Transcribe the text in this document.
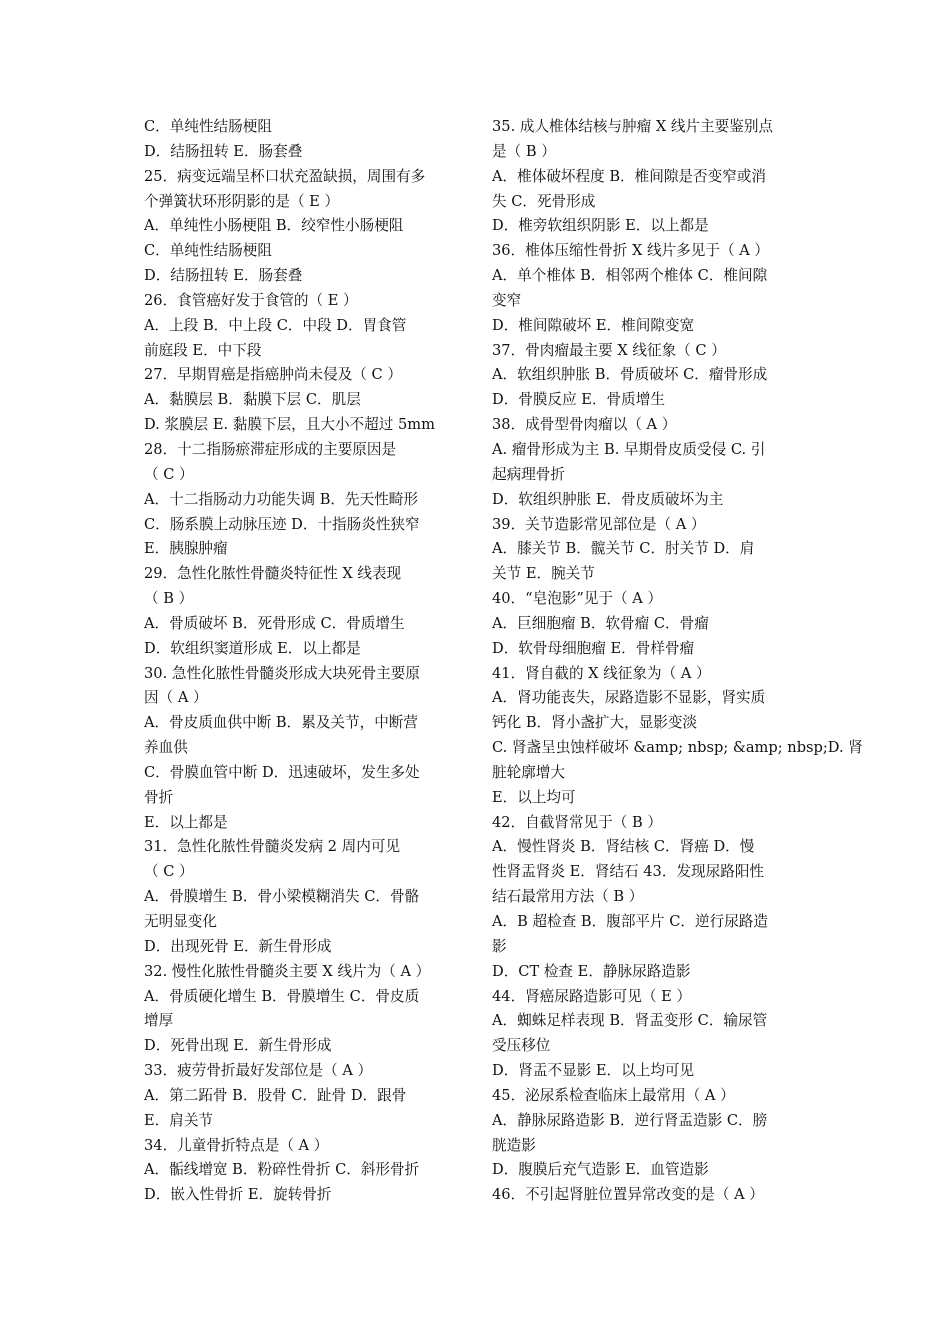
C．单纯性结肠梗阻
D．结肠扭转 E．肠套叠
25．病变远端呈杯口状充盈缺损，周围有多
个弹簧状环形阴影的是（ E ）
A．单纯性小肠梗阻 B．绞窄性小肠梗阻
C．单纯性结肠梗阻
D．结肠扭转 E．肠套叠
26．食管癌好发于食管的（ E ）
A．上段 B．中上段 C．中段 D．胃食管
前庭段 E．中下段
27．早期胃癌是指癌肿尚未侵及（ C ）
A．黏膜层 B．黏膜下层 C．肌层
D. 浆膜层 E. 黏膜下层，且大小不超过 5mm
28．十二指肠瘀滞症形成的主要原因是
（ C ）
A．十二指肠动力功能失调 B．先天性畸形
C．肠系膜上动脉压迹 D．十指肠炎性狭窄
E．胰腺肿瘤
29．急性化脓性骨髓炎特征性 X 线表现
（ B ）
A．骨质破坏 B．死骨形成 C．骨质增生
D．软组织窦道形成 E．以上都是
30. 急性化脓性骨髓炎形成大块死骨主要原
因（ A ）
A．骨皮质血供中断 B．累及关节，中断营
养血供
C．骨膜血管中断 D．迅速破坏，发生多处
骨折
E．以上都是
31．急性化脓性骨髓炎发病 2 周内可见
（ C ）
A．骨膜增生 B．骨小梁模糊消失 C．骨骼
无明显变化
D．出现死骨 E．新生骨形成
32. 慢性化脓性骨髓炎主要 X 线片为（ A ）
A．骨质硬化增生 B．骨膜增生 C．骨皮质
增厚
D．死骨出现 E．新生骨形成
33．疲劳骨折最好发部位是（ A ）
A．第二跖骨 B．股骨 C．趾骨 D．跟骨
E．肩关节
34．儿童骨折特点是（ A ）
A．骺线增宽 B．粉碎性骨折 C．斜形骨折
D．嵌入性骨折 E．旋转骨折
35. 成人椎体结核与肿瘤 X 线片主要鉴别点
是（ B ）
A．椎体破坏程度 B．椎间隙是否变窄或消
失 C．死骨形成
D．椎旁软组织阴影 E．以上都是
36．椎体压缩性骨折 X 线片多见于（ A ）
A．单个椎体 B．相邻两个椎体 C．椎间隙
变窄
D．椎间隙破坏 E．椎间隙变宽
37．骨肉瘤最主要 X 线征象（ C ）
A．软组织肿胀 B．骨质破坏 C．瘤骨形成
D．骨膜反应 E．骨质增生
38．成骨型骨肉瘤以（ A ）
A. 瘤骨形成为主 B. 早期骨皮质受侵 C. 引
起病理骨折
D．软组织肿胀 E．骨皮质破坏为主
39．关节造影常见部位是（ A ）
A．膝关节 B．髋关节 C．肘关节 D．肩
关节 E．腕关节
40．“皂泡影”见于（ A ）
A．巨细胞瘤 B．软骨瘤 C．骨瘤
D．软骨母细胞瘤 E．骨样骨瘤
41．肾自截的 X 线征象为（ A ）
A．肾功能丧失，尿路造影不显影，肾实质
钙化 B．肾小盏扩大，显影变淡
C. 肾盏呈虫蚀样破坏 &amp; nbsp; &amp; nbsp;D. 肾
脏轮廓增大
E．以上均可
42．自截肾常见于（ B ）
A．慢性肾炎 B．肾结核 C．肾癌 D．慢
性肾盂肾炎 E．肾结石 43．发现尿路阳性
结石最常用方法（ B ）
A．B 超检查 B．腹部平片 C．逆行尿路造
影
D．CT 检查 E．静脉尿路造影
44．肾癌尿路造影可见（ E ）
A．蜘蛛足样表现 B．肾盂变形 C．输尿管
受压移位
D．肾盂不显影 E．以上均可见
45．泌尿系检查临床上最常用（ A ）
A．静脉尿路造影 B．逆行肾盂造影 C．膀
胱造影
D．腹膜后充气造影 E．血管造影
46．不引起肾脏位置异常改变的是（ A ）
